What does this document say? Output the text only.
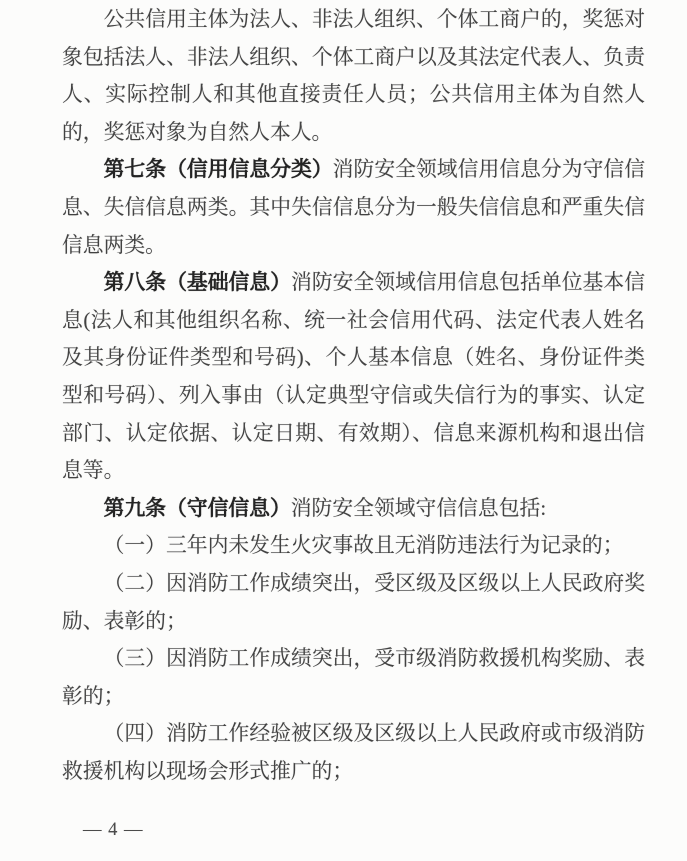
公共信用主体为法人、非法人组织、个体工商户的，奖惩对象包括法人、非法人组织、个体工商户以及其法定代表人、负责人、实际控制人和其他直接责任人员；公共信用主体为自然人的，奖惩对象为自然人本人。

第七条（信用信息分类）消防安全领域信用信息分为守信信息、失信信息两类。其中失信信息分为一般失信信息和严重失信信息两类。

第八条（基础信息）消防安全领域信用信息包括单位基本信息(法人和其他组织名称、统一社会信用代码、法定代表人姓名及其身份证件类型和号码)、个人基本信息（姓名、身份证件类型和号码）、列入事由（认定典型守信或失信行为的事实、认定部门、认定依据、认定日期、有效期）、信息来源机构和退出信息等。

第九条（守信信息）消防安全领域守信信息包括:

（一）三年内未发生火灾事故且无消防违法行为记录的；

（二）因消防工作成绩突出，受区级及区级以上人民政府奖励、表彰的；

（三）因消防工作成绩突出，受市级消防救援机构奖励、表彰的；

（四）消防工作经验被区级及区级以上人民政府或市级消防救援机构以现场会形式推广的；

— 4 —
